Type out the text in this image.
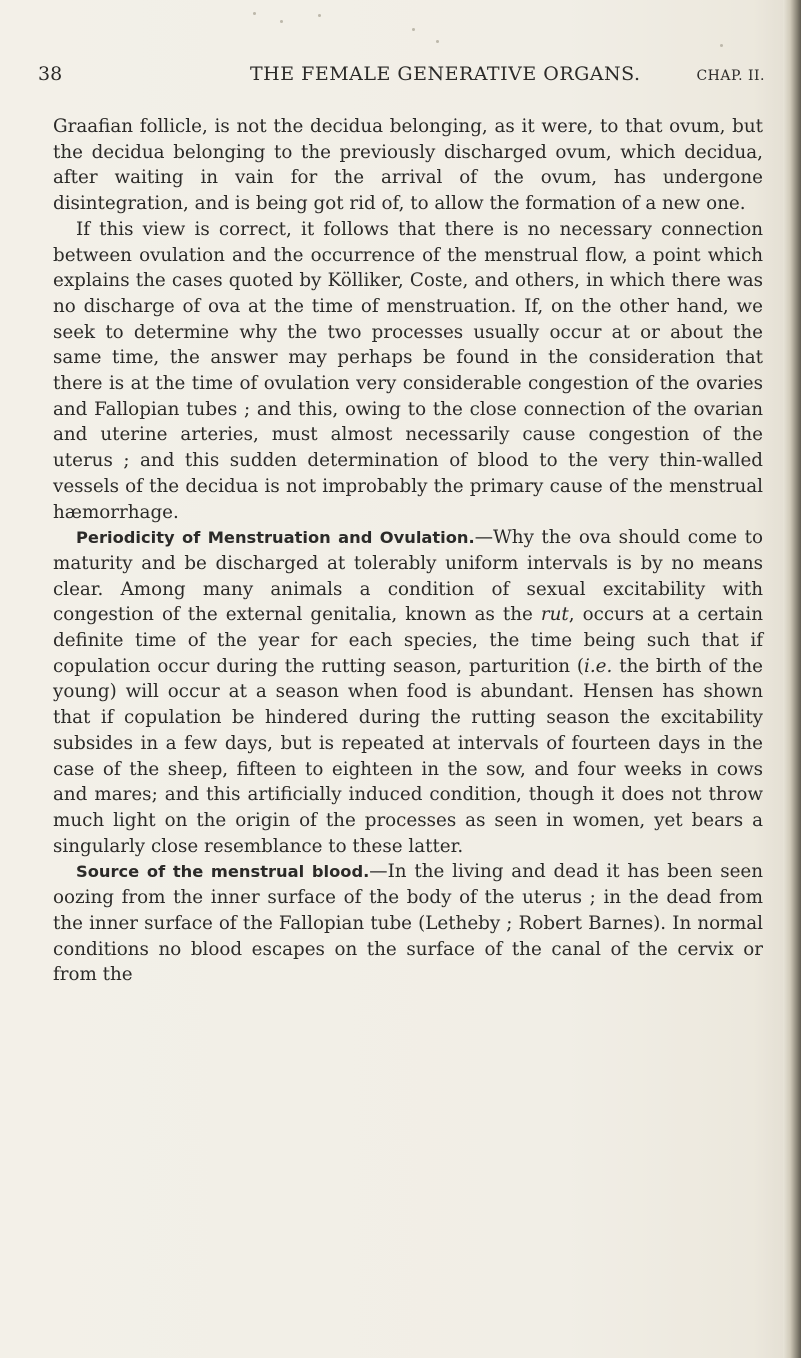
38	THE FEMALE GENERATIVE ORGANS.	CHAP. II.

Graafian follicle, is not the decidua belonging, as it were, to that ovum, but the decidua belonging to the previously discharged ovum, which decidua, after waiting in vain for the arrival of the ovum, has undergone disintegration, and is being got rid of, to allow the formation of a new one.

If this view is correct, it follows that there is no necessary connection between ovulation and the occurrence of the menstrual flow, a point which explains the cases quoted by Kölliker, Coste, and others, in which there was no discharge of ova at the time of menstruation. If, on the other hand, we seek to determine why the two processes usually occur at or about the same time, the answer may perhaps be found in the consideration that there is at the time of ovulation very considerable congestion of the ovaries and Fallopian tubes ; and this, owing to the close connection of the ovarian and uterine arteries, must almost necessarily cause congestion of the uterus ; and this sudden determination of blood to the very thin-walled vessels of the decidua is not improbably the primary cause of the menstrual hæmorrhage.

Periodicity of Menstruation and Ovulation.—Why the ova should come to maturity and be discharged at tolerably uniform intervals is by no means clear. Among many animals a condition of sexual excitability with congestion of the external genitalia, known as the rut, occurs at a certain definite time of the year for each species, the time being such that if copulation occur during the rutting season, parturition (i.e. the birth of the young) will occur at a season when food is abundant. Hensen has shown that if copulation be hindered during the rutting season the excitability subsides in a few days, but is repeated at intervals of fourteen days in the case of the sheep, fifteen to eighteen in the sow, and four weeks in cows and mares; and this artificially induced condition, though it does not throw much light on the origin of the processes as seen in women, yet bears a singularly close resemblance to these latter.

Source of the menstrual blood.—In the living and dead it has been seen oozing from the inner surface of the body of the uterus ; in the dead from the inner surface of the Fallopian tube (Letheby ; Robert Barnes). In normal conditions no blood escapes on the surface of the canal of the cervix or from the
